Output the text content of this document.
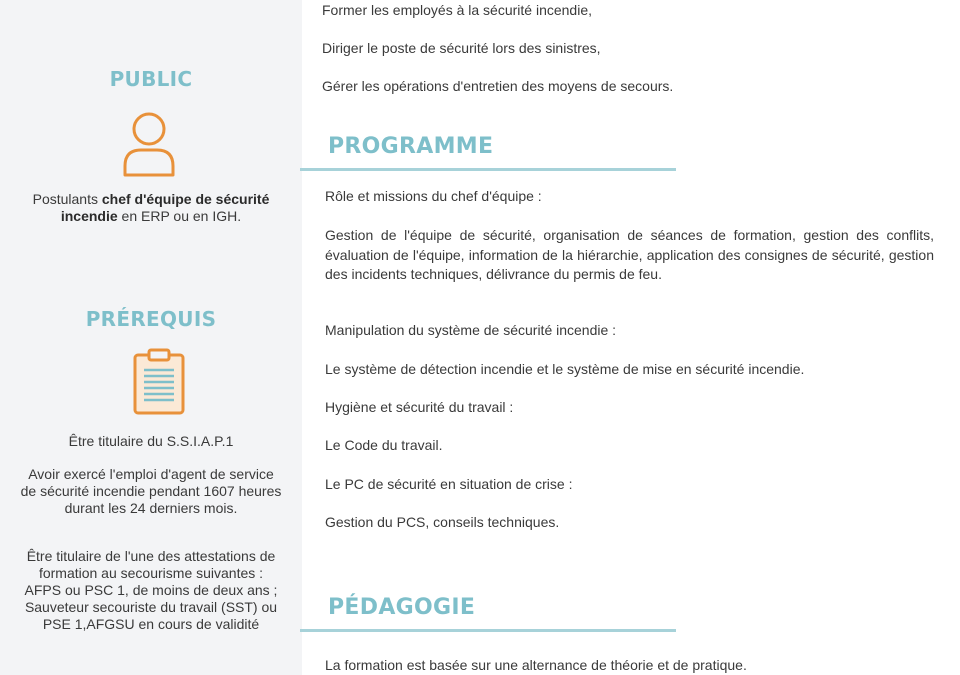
PUBLIC
Postulants chef d'équipe de sécurité incendie en ERP ou en IGH.
PRÉREQUIS
Être titulaire du S.S.I.A.P.1
Avoir exercé l'emploi d'agent de service de sécurité incendie pendant 1607 heures durant les 24 derniers mois.
Être titulaire de l'une des attestations de formation au secourisme suivantes : AFPS ou PSC 1, de moins de deux ans ; Sauveteur secouriste du travail (SST) ou PSE 1,AFGSU en cours de validité
Former les employés à la sécurité incendie,
Diriger le poste de sécurité lors des sinistres,
Gérer les opérations d'entretien des moyens de secours.
PROGRAMME
Rôle et missions du chef d'équipe :
Gestion de l'équipe de sécurité, organisation de séances de formation, gestion des conflits, évaluation de l'équipe, information de la hiérarchie, application des consignes de sécurité, gestion des incidents techniques, délivrance du permis de feu.
Manipulation du système de sécurité incendie :
Le système de détection incendie et le système de mise en sécurité incendie.
Hygiène et sécurité du travail :
Le Code du travail.
Le PC de sécurité en situation de crise :
Gestion du PCS, conseils techniques.
PÉDAGOGIE
La formation est basée sur une alternance de théorie et de pratique.
